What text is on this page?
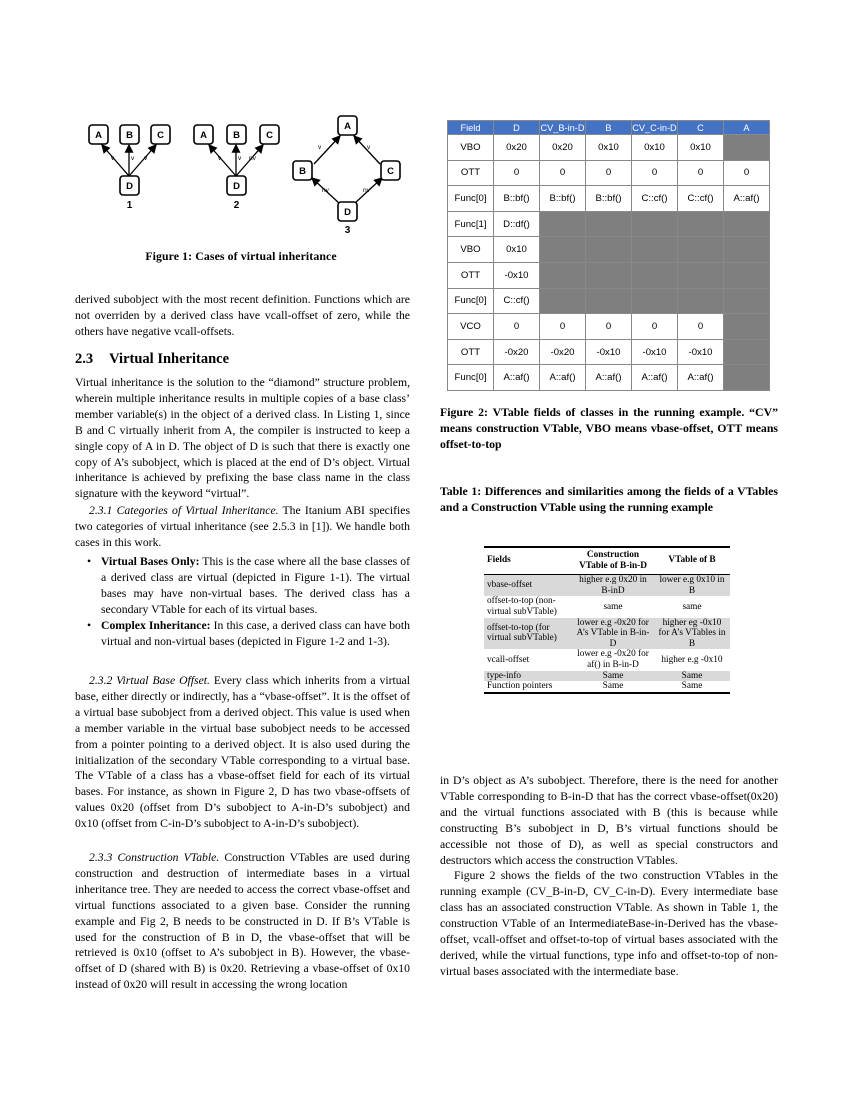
v	v v
A	B	C
D
1
v	v nv
A	B	C
D
2
v	v
nv	nv
A
B	C
D
3
Figure 1: Cases of virtual inheritance

derived subobject with the most recent definition. Functions which are not overriden by a derived class have vcall-offset of zero, while the others have negative vcall-offsets.

2.3 Virtual Inheritance

Virtual inheritance is the solution to the “diamond” structure problem, wherein multiple inheritance results in multiple copies of a base class’ member variable(s) in the object of a derived class. In Listing 1, since B and C virtually inherit from A, the compiler is instructed to keep a single copy of A in D. The object of D is such that there is exactly one copy of A’s subobject, which is placed at the end of D’s object. Virtual inheritance is achieved by prefixing the base class name in the class signature with the keyword “virtual”.

2.3.1 Categories of Virtual Inheritance. The Itanium ABI specifies two categories of virtual inheritance (see 2.5.3 in [1]). We handle both cases in this work.

• Virtual Bases Only: This is the case where all the base classes of a derived class are virtual (depicted in Figure 1-1). The virtual bases may have non-virtual bases. The derived class has a secondary VTable for each of its virtual bases.

• Complex Inheritance: In this case, a derived class can have both virtual and non-virtual bases (depicted in Figure 1-2 and 1-3).

2.3.2 Virtual Base Offset. Every class which inherits from a virtual base, either directly or indirectly, has a “vbase-offset”. It is the offset of a virtual base subobject from a derived object. This value is used when a member variable in the virtual base subobject needs to be accessed from a pointer pointing to a derived object. It is also used during the initialization of the secondary VTable corresponding to a virtual base. The VTable of a class has a vbase-offset field for each of its virtual bases. For instance, as shown in Figure 2, D has two vbase-offsets of values 0x20 (offset from D’s subobject to A-in-D’s subobject) and 0x10 (offset from C-in-D’s subobject to A-in-D’s subobject).

2.3.3 Construction VTable. Construction VTables are used during construction and destruction of intermediate bases in a virtual inheritance tree. They are needed to access the correct vbase-offset and virtual functions associated to a given base. Consider the running example and Fig 2, B needs to be constructed in D. If B’s VTable is used for the construction of B in D, the vbase-offset that will be retrieved is 0x10 (offset to A’s subobject in B). However, the vbase-offset of D (shared with B) is 0x20. Retrieving a vbase-offset of 0x10 instead of 0x20 will result in accessing the wrong location

Field	D	CV_B-in-D	B	CV_C-in-D	C	A
VBO	0x20	0x20	0x10	0x10	0x10	
OTT	0	0	0	0	0	0
Func[0]	B::bf()	B::bf()	B::bf()	C::cf()	C::cf()	A::af()
Func[1]	D::df()					
VBO	0x10					
OTT	-0x10					
Func[0]	C::cf()					
VCO	0	0	0	0	0	
OTT	-0x20	-0x20	-0x10	-0x10	-0x10	
Func[0]	A::af()	A::af()	A::af()	A::af()	A::af()	
Figure 2: VTable fields of classes in the running example. “CV” means construction VTable, VBO means vbase-offset, OTT means offset-to-top
Table 1: Differences and similarities among the fields of a VTables and a Construction VTable using the running example
Fields	Construction VTable of B-in-D	VTable of B
vbase-offset	higher e.g 0x20 in B-inD	lower e.g 0x10 in B
offset-to-top (non-virtual subVTable)	same	same
offset-to-top (for virtual subVTable)	lower e.g -0x20 for A’s VTable in B-in-D	higher eg -0x10 for A’s VTables in B
vcall-offset	lower e.g -0x20 for af() in B-in-D	higher e.g -0x10
type-info	Same	Same
Function pointers	Same	Same

in D’s object as A’s subobject. Therefore, there is the need for another VTable corresponding to B-in-D that has the correct vbase-offset(0x20) and the virtual functions associated with B (this is because while constructing B’s subobject in D, B’s virtual functions should be accessible not those of D), as well as special constructors and destructors which access the construction VTables.

Figure 2 shows the fields of the two construction VTables in the running example (CV_B-in-D, CV_C-in-D). Every intermediate base class has an associated construction VTable. As shown in Table 1, the construction VTable of an IntermediateBase-in-Derived has the vbase-offset, vcall-offset and offset-to-top of virtual bases associated with the derived, while the virtual functions, type info and offset-to-top of non-virtual bases associated with the intermediate base.
